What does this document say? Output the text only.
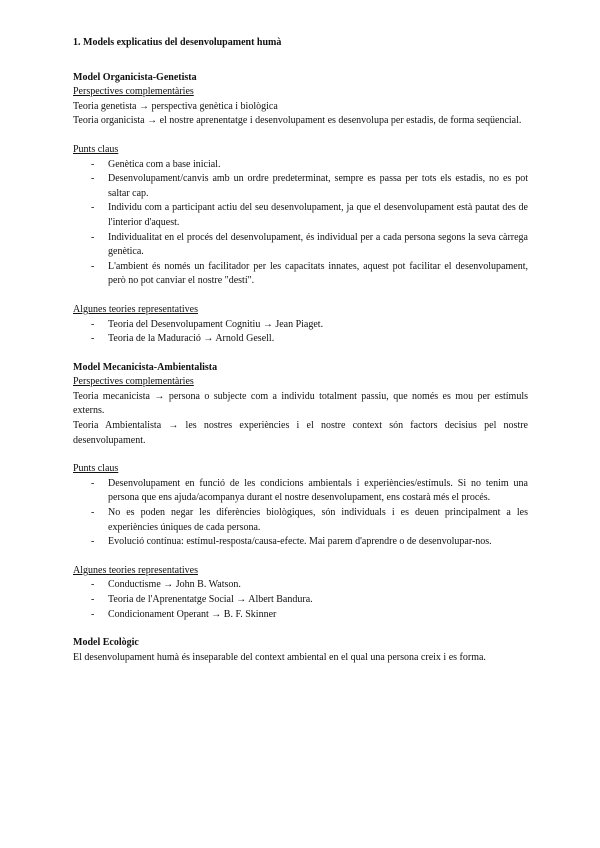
1. Models explicatius del desenvolupament humà

Model Organicista-Genetista

Perspectives complementàries

Teoria genetista → perspectiva genètica i biològica

Teoria organicista → el nostre aprenentatge i desenvolupament es desenvolupa per estadis, de forma seqüencial.

Punts claus

- Genètica com a base inicial.
- Desenvolupament/canvis amb un ordre predeterminat, sempre es passa per tots els estadis, no es pot saltar cap.
- Individu com a participant actiu del seu desenvolupament, ja que el desenvolupament està pautat des de l'interior d'aquest.
- Individualitat en el procés del desenvolupament, és individual per a cada persona segons la seva càrrega genètica.
- L'ambient és només un facilitador per les capacitats innates, aquest pot facilitar el desenvolupament, però no pot canviar el nostre "destí".

Algunes teories representatives

- Teoria del Desenvolupament Cognitiu → Jean Piaget.
- Teoria de la Maduració → Arnold Gesell.

Model Mecanicista-Ambientalista

Perspectives complementàries

Teoria mecanicista → persona o subjecte com a individu totalment passiu, que només es mou per estímuls externs.

Teoria Ambientalista → les nostres experiències i el nostre context són factors decisius pel nostre desenvolupament.

Punts claus

- Desenvolupament en funció de les condicions ambientals i experiències/estímuls. Si no tenim una persona que ens ajuda/acompanya durant el nostre desenvolupament, ens costarà més el procés.
- No es poden negar les diferències biològiques, són individuals i es deuen principalment a les experiències úniques de cada persona.
- Evolució contínua: estímul-resposta/causa-efecte. Mai parem d'aprendre o de desenvolupar-nos.

Algunes teories representatives

- Conductisme → John B. Watson.
- Teoria de l'Aprenentatge Social → Albert Bandura.
- Condicionament Operant → B. F. Skinner

Model Ecològic

El desenvolupament humà és inseparable del context ambiental en el qual una persona creix i es forma.
